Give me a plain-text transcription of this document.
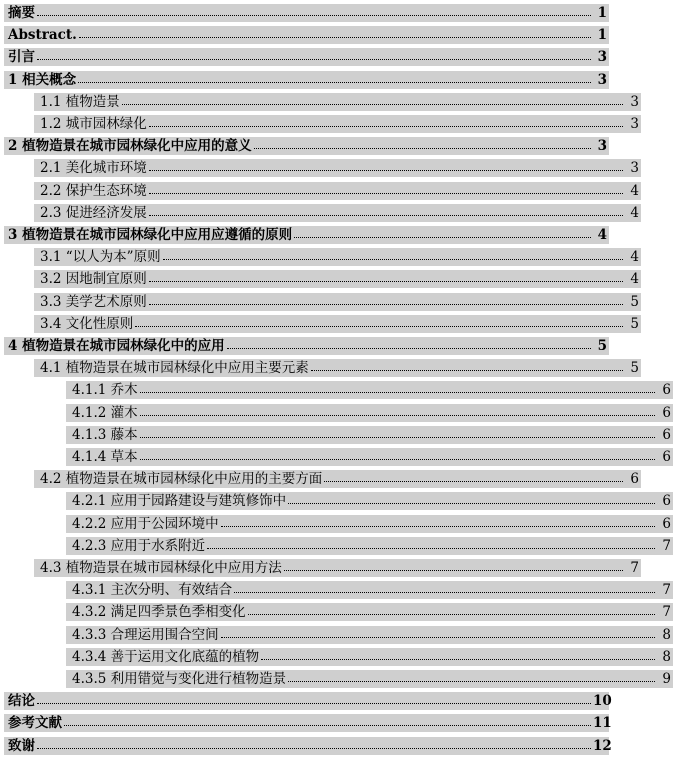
摘要	1
Abstract.	1
引言	3
1 相关概念	3
1.1 植物造景	3
1.2 城市园林绿化	3
2 植物造景在城市园林绿化中应用的意义	3
2.1 美化城市环境	3
2.2 保护生态环境	4
2.3 促进经济发展	4
3 植物造景在城市园林绿化中应用应遵循的原则	4
3.1 “以人为本”原则	4
3.2 因地制宜原则	4
3.3 美学艺术原则	5
3.4 文化性原则	5
4 植物造景在城市园林绿化中的应用	5
4.1 植物造景在城市园林绿化中应用主要元素	5
4.1.1 乔木	6
4.1.2 灌木	6
4.1.3 藤本	6
4.1.4 草本	6
4.2 植物造景在城市园林绿化中应用的主要方面	6
4.2.1 应用于园路建设与建筑修饰中	6
4.2.2 应用于公园环境中	6
4.2.3 应用于水系附近	7
4.3 植物造景在城市园林绿化中应用方法	7
4.3.1 主次分明、有效结合	7
4.3.2 满足四季景色季相变化	7
4.3.3 合理运用围合空间	8
4.3.4 善于运用文化底蕴的植物	8
4.3.5 利用错觉与变化进行植物造景	9
结论	10
参考文献	11
致谢	12
